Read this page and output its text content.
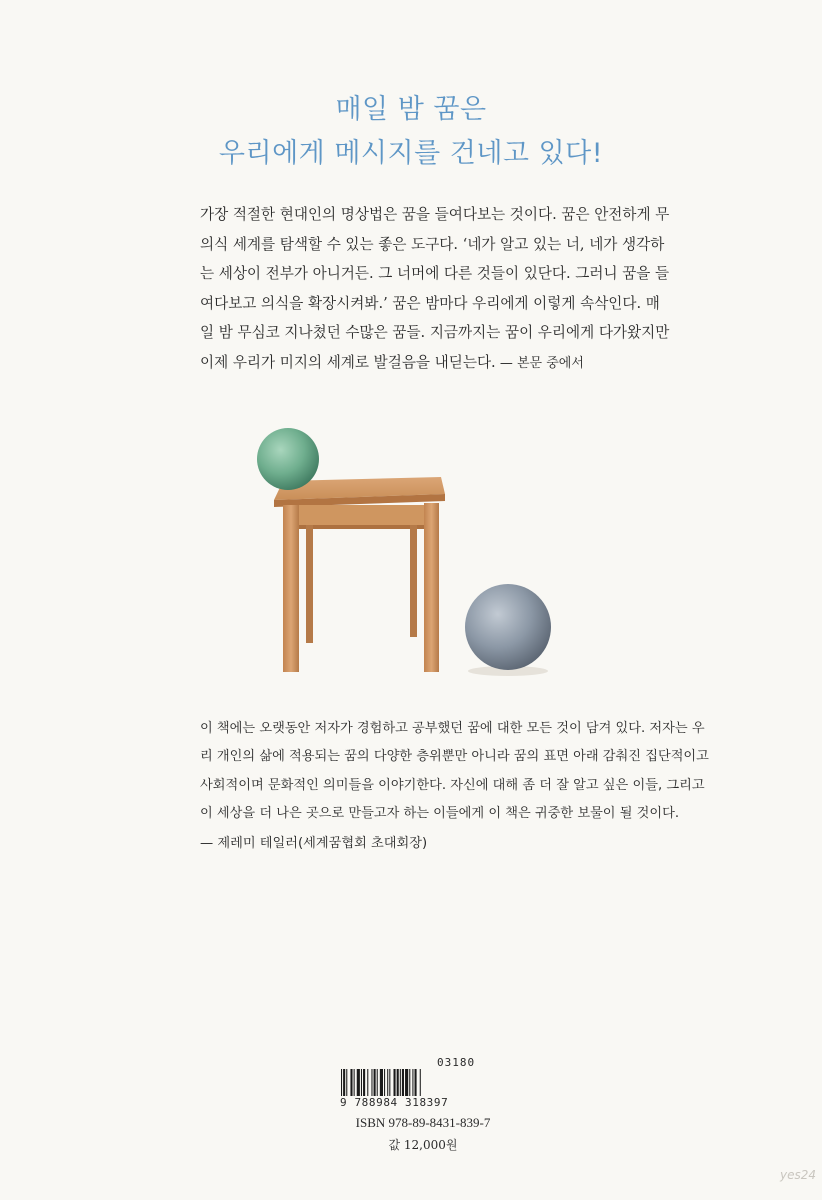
매일 밤 꿈은
우리에게 메시지를 건네고 있다!
가장 적절한 현대인의 명상법은 꿈을 들여다보는 것이다. 꿈은 안전하게 무
의식 세계를 탐색할 수 있는 좋은 도구다. ‘네가 알고 있는 너, 네가 생각하
는 세상이 전부가 아니거든. 그 너머에 다른 것들이 있단다. 그러니 꿈을 들
여다보고 의식을 확장시켜봐.’ 꿈은 밤마다 우리에게 이렇게 속삭인다. 매
일 밤 무심코 지나쳤던 수많은 꿈들. 지금까지는 꿈이 우리에게 다가왔지만
이제 우리가 미지의 세계로 발걸음을 내딛는다. — 본문 중에서
이 책에는 오랫동안 저자가 경험하고 공부했던 꿈에 대한 모든 것이 담겨 있다. 저자는 우
리 개인의 삶에 적용되는 꿈의 다양한 층위뿐만 아니라 꿈의 표면 아래 감춰진 집단적이고
사회적이며 문화적인 의미들을 이야기한다. 자신에 대해 좀 더 잘 알고 싶은 이들, 그리고
이 세상을 더 나은 곳으로 만들고자 하는 이들에게 이 책은 귀중한 보물이 될 것이다.
— 제레미 테일러(세계꿈협회 초대회장)
03180
9 788984 318397
ISBN 978-89-8431-839-7
값 12,000원
yes24
